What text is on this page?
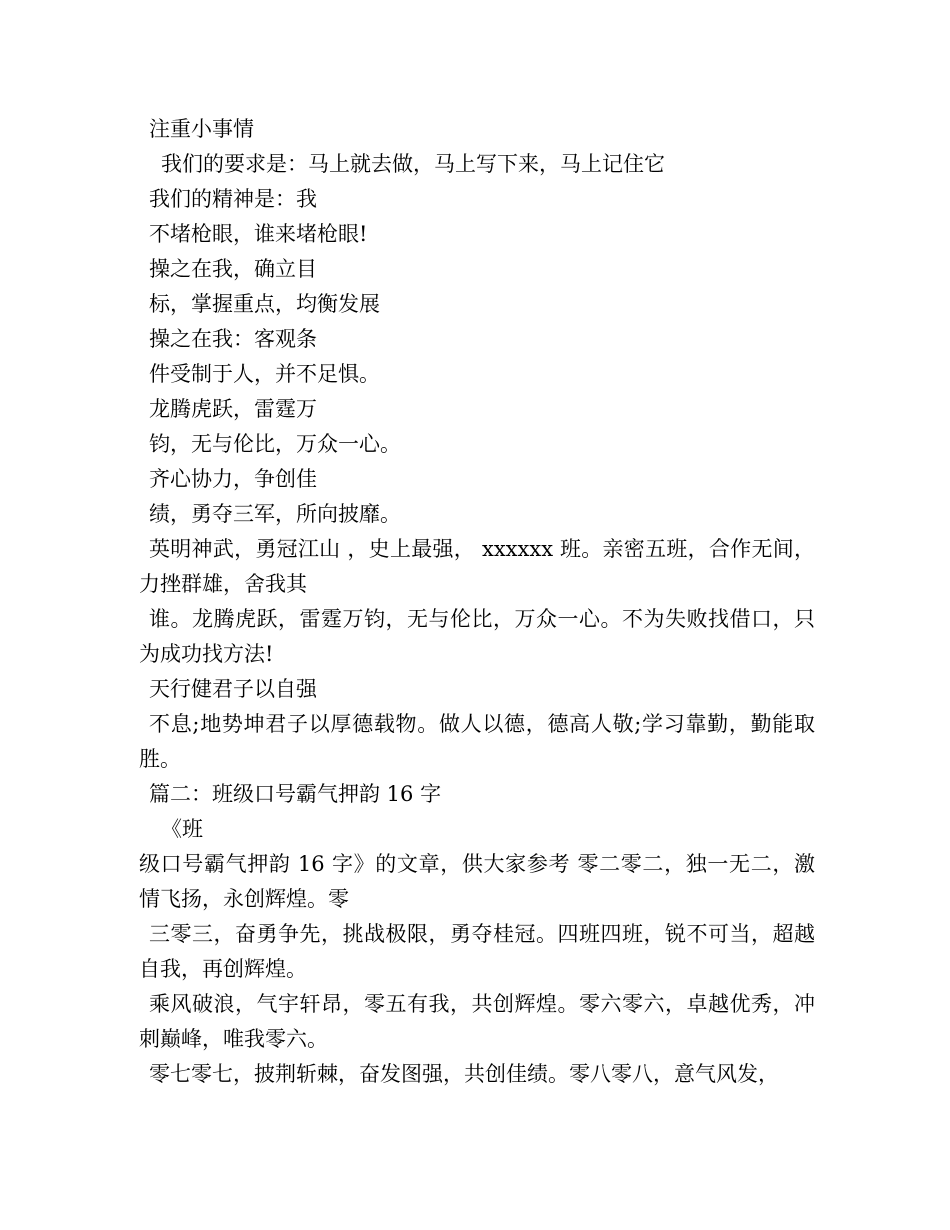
注重小事情

我们的要求是：马上就去做，马上写下来，马上记住它

我们的精神是：我

不堵枪眼，谁来堵枪眼!

操之在我，确立目

标，掌握重点，均衡发展

操之在我：客观条

件受制于人，并不足惧。

龙腾虎跃，雷霆万

钧，无与伦比，万众一心。

齐心协力，争创佳

绩，勇夺三军，所向披靡。

英明神武，勇冠江山 ，史上最强， xxxxxx 班。亲密五班，合作无间，力挫群雄，舍我其

谁。龙腾虎跃，雷霆万钧，无与伦比，万众一心。不为失败找借口，只为成功找方法!

天行健君子以自强

不息;地势坤君子以厚德载物。做人以德，德高人敬;学习靠勤，勤能取胜。

篇二：班级口号霸气押韵 16 字

《班

级口号霸气押韵 16 字》的文章，供大家参考 零二零二，独一无二，激情飞扬，永创辉煌。零

三零三，奋勇争先，挑战极限，勇夺桂冠。四班四班，锐不可当，超越自我，再创辉煌。

乘风破浪，气宇轩昂，零五有我，共创辉煌。零六零六，卓越优秀，冲刺巅峰，唯我零六。

零七零七，披荆斩棘，奋发图强，共创佳绩。零八零八，意气风发，
